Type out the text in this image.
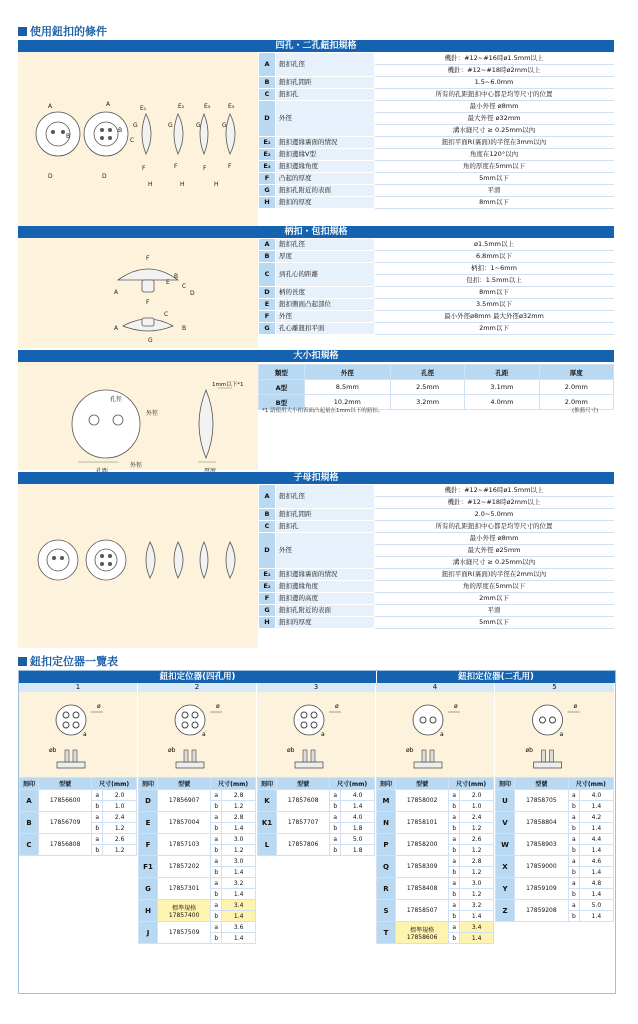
使用鈕扣的條件
四孔・二孔鈕扣規格
A	A
B
B
C
D	D
E₁	E₂	E₃	E₃
G	G	G	G
F	F	F	F
H	H	H
A	鈕扣孔徑	機針：#12~#16時ø1.5mm以上
		機針：#12~#18時ø2mm以上
B	鈕扣孔間距	1.5~6.0mm
C	鈕扣孔	所有的孔距鈕扣中心都是均等尺寸的位置
D	外徑	最小外徑 ø8mm
		最大外徑 ø32mm
		溝水縫尺寸 ≥ 0.25mm以內
E₁	鈕扣邊緣裏面的情況	鈕扣平面R(裏面)的半徑在3mm以內
E₂	鈕扣邊緣V型	角度在120°以內
E₃	鈕扣邊緣角度	角的厚度在5mm以下
F	凸起的厚度	5mm以下
G	鈕扣孔附近的表面	平滑
H	鈕扣的厚度	8mm以下
柄扣・包扣規格
F
E
B
C
D
A
F
C
A	B
G
A	鈕扣孔徑	ø1.5mm以上
B	厚度	6.8mm以下
C	到孔心的距離	柄扣：1~6mm
		包扣：1.5mm以上
D	柄的長度	8mm以下
E	鈕扣側面凸起部位	3.5mm以下
F	外徑	最小外徑ø8mm 最大外徑ø32mm
G	孔心離鈕扣平面	2mm以下
大小扣規格
孔徑
外徑
外徑
1mm以下*1
類型	外徑	孔徑	孔距	厚度
A型	8.5mm	2.5mm	3.1mm	2.0mm
B型	10.2mm	3.2mm	4.0mm	2.0mm
*1 請使用大小扣表面凸起量在1mm以下的鈕扣。	(推薦尺寸)
子母扣規格
A	鈕扣孔徑	機針：#12~#16時ø1.5mm以上
		機針：#12~#18時ø2mm以上
B	鈕扣孔間距	2.0~5.0mm
C	鈕扣孔	所有的孔距鈕扣中心都是均等尺寸的位置
D	外徑	最小外徑 ø8mm
		最大外徑 ø25mm
		溝水縫尺寸 ≥ 0.25mm以內
E₁	鈕扣邊緣裏面的情況	鈕扣平面R(裏面)的半徑在2mm以內
E₂	鈕扣邊緣角度	角的厚度在5mm以下
F	鈕扣邊的高度	2mm以下
G	鈕扣孔附近的表面	平滑
H	鈕扣的厚度	5mm以下
鈕扣定位器一覽表
鈕扣定位器(四孔用)	鈕扣定位器(二孔用)
1
ø
a
øb
刻印	型號	尺寸(mm)	
A	17856600	a	2.0
		b	1.0
B	17856709	a	2.4
		b	1.2
C	17856808	a	2.6
		b	1.2
2
ø
a
øb
刻印	型號	尺寸(mm)	
D	17856907	a	2.8
		b	1.2
E	17857004	a	2.8
		b	1.4
F	17857103	a	3.0
		b	1.2
F1	17857202	a	3.0
		b	1.4
G	17857301	a	3.2
		b	1.4
H	標準規格
17857400	a	3.4
		b	1.4
J	17857509	a	3.6
		b	1.4
3
ø
a
øb
刻印	型號	尺寸(mm)	
K	17857608	a	4.0
		b	1.4
K1	17857707	a	4.0
		b	1.8
L	17857806	a	5.0
		b	1.8
4
ø
a
øb
刻印	型號	尺寸(mm)	
M	17858002	a	2.0
		b	1.0
N	17858101	a	2.4
		b	1.2
P	17858200	a	2.6
		b	1.2
Q	17858309	a	2.8
		b	1.2
R	17858408	a	3.0
		b	1.2
S	17858507	a	3.2
		b	1.4
T	標準規格
17858606	a	3.4
		b	1.4
5
ø
a
øb
刻印	型號	尺寸(mm)	
U	17858705	a	4.0
		b	1.4
V	17858804	a	4.2
		b	1.4
W	17858903	a	4.4
		b	1.4
X	17859000	a	4.6
		b	1.4
Y	17859109	a	4.8
		b	1.4
Z	17859208	a	5.0
		b	1.4
